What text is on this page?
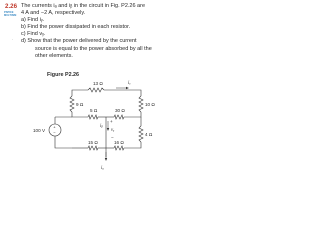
2.26
PSPICE
MULTISIM
·
The currents iₐ and iᵦ in the circuit in Fig. P2.26 are
4 A and −2 A, respectively.
a) Find iᵧ.
b) Find the power dissipated in each resistor.
c) Find vᵧ.
d) Show that the power delivered by the current
source is equal to the power absorbed by all the
other elements.
Figure P2.26
13 Ω
9 Ω	10 Ω
5 Ω	30 Ω
15 Ω	16 Ω
4 Ω
+
−
100 V
iₑ
iᵦ
+
vᵧ
−
iₐ
